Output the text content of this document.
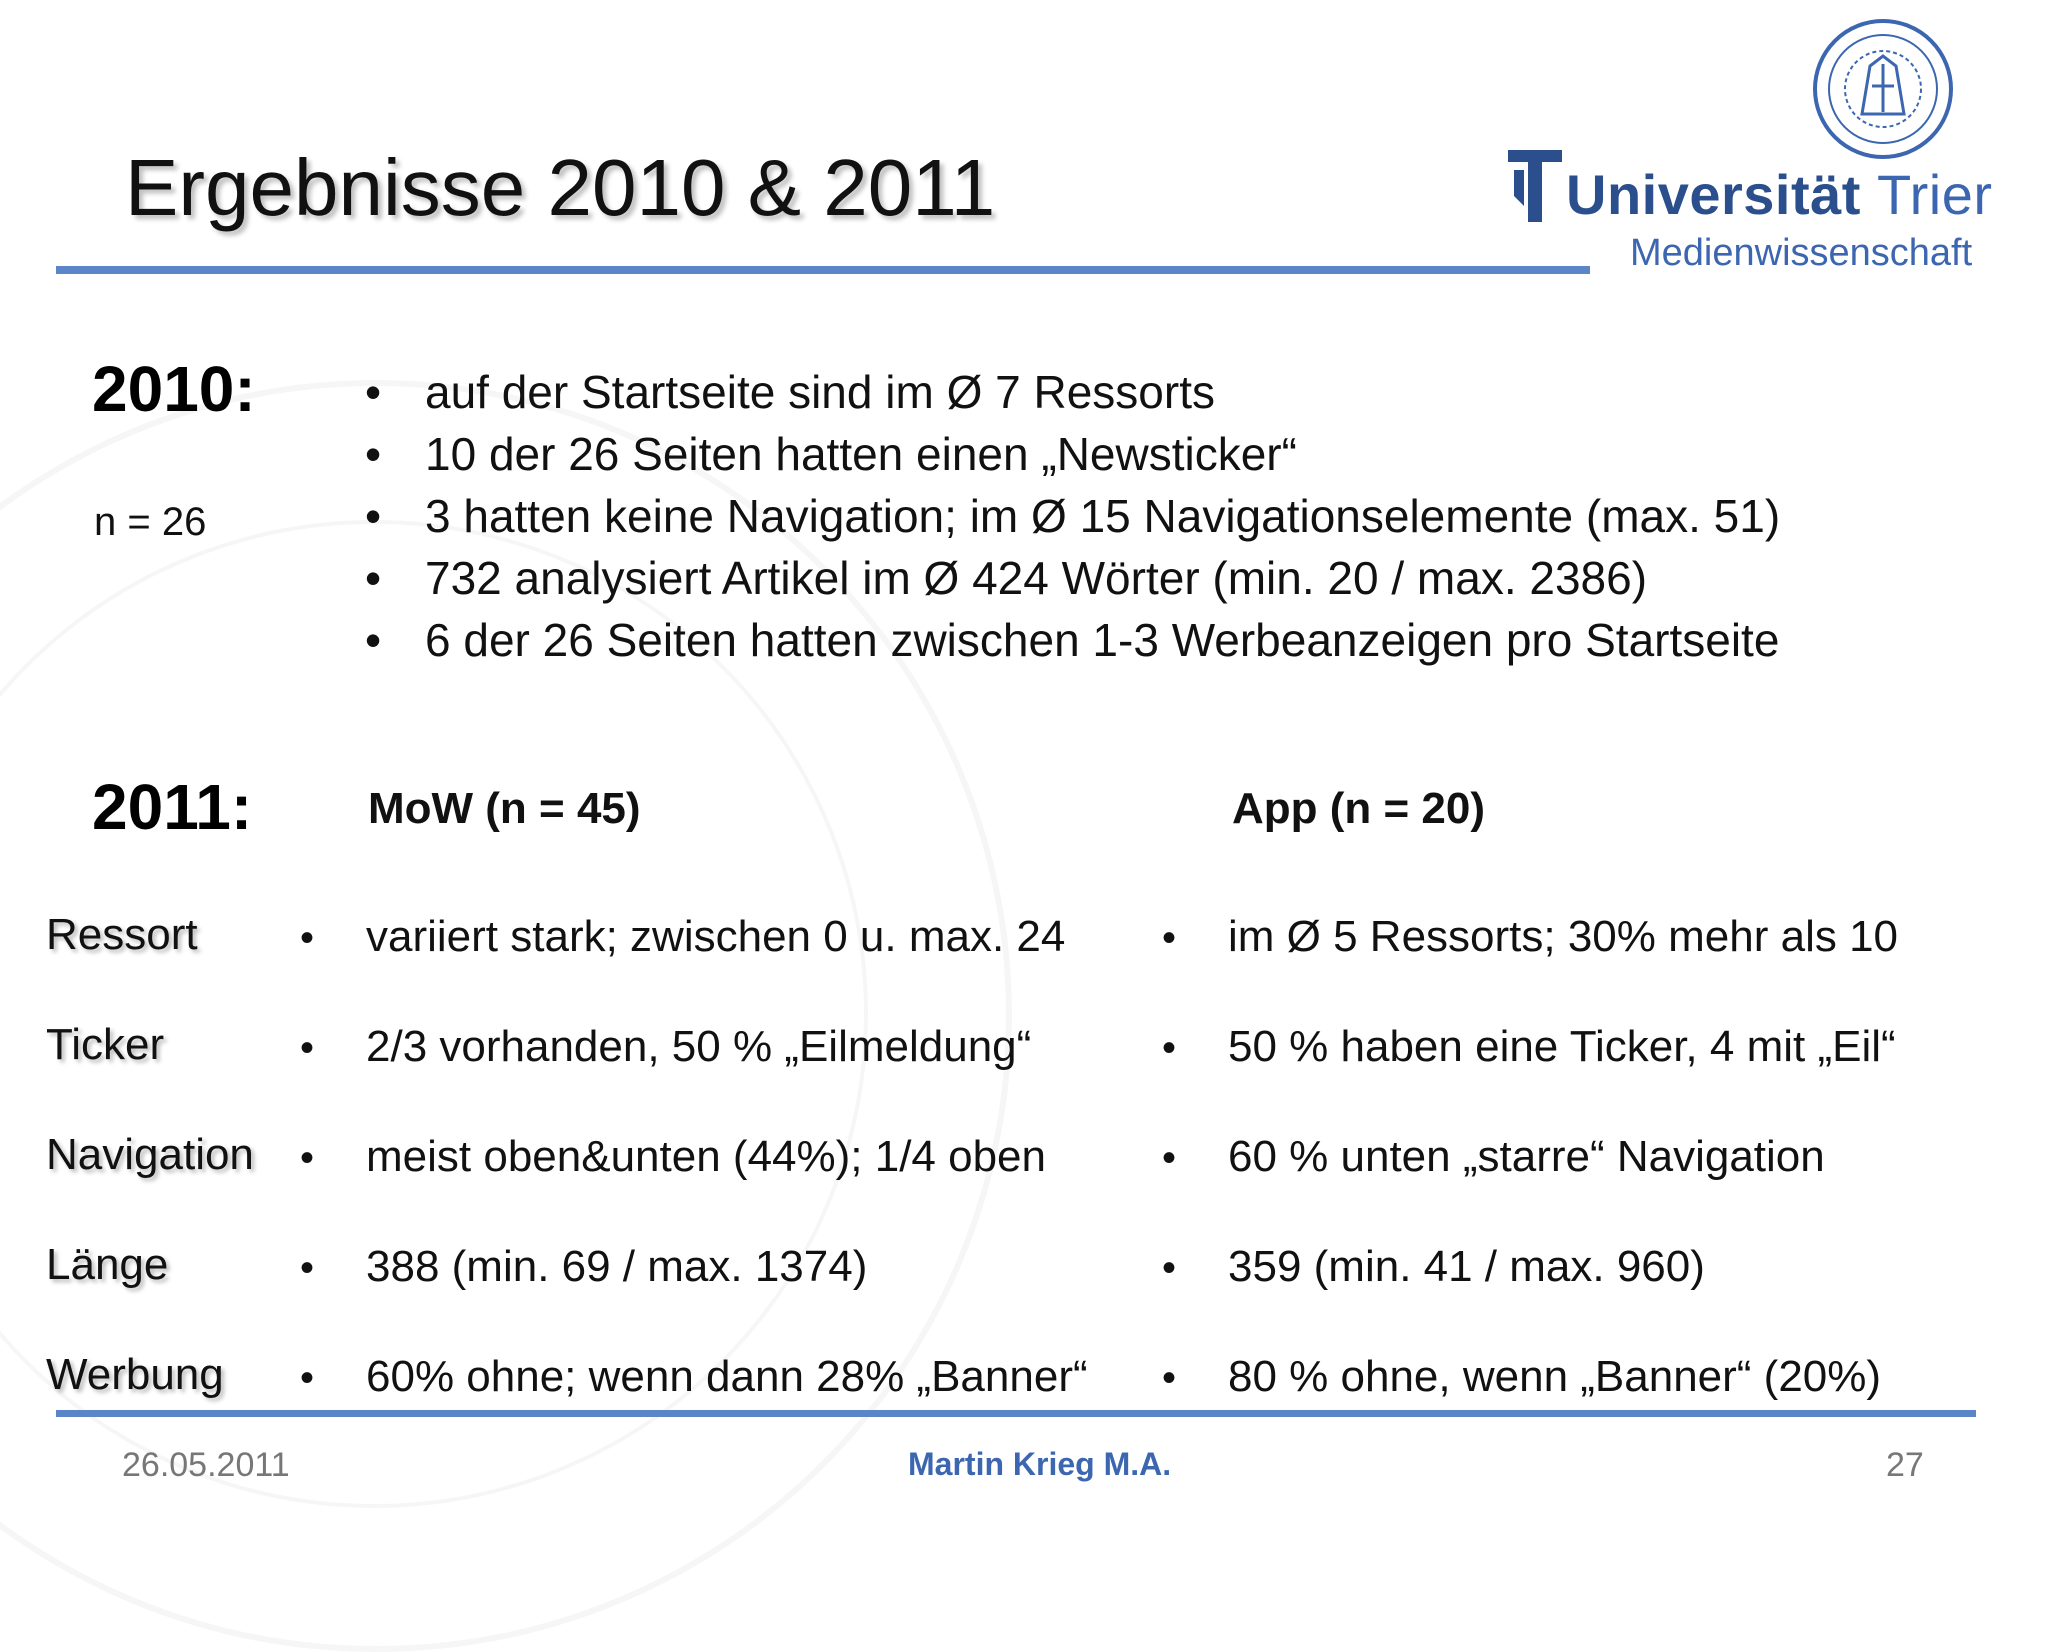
Ergebnisse 2010 & 2011	Universität Trier
Medienwissenschaft
2010:
n = 26
• auf der Startseite sind im Ø 7 Ressorts
• 10 der 26 Seiten hatten einen „Newsticker“
• 3 hatten keine Navigation; im Ø 15 Navigationselemente (max. 51)
• 732 analysiert Artikel im Ø 424 Wörter (min. 20 / max. 2386)
• 6 der 26 Seiten hatten zwischen 1-3 Werbeanzeigen pro Startseite
2011:	MoW (n = 45)	App (n = 20)
Ressort	• variiert stark; zwischen 0 u. max. 24 • im Ø 5 Ressorts; 30% mehr als 10
Ticker	• 2/3 vorhanden, 50 % „Eilmeldung“	• 50 % haben eine Ticker, 4 mit „Eil“
Navigation • meist oben&unten (44%); 1/4 oben	• 60 % unten „starre“ Navigation
Länge	• 388 (min. 69 / max. 1374)	• 359 (min. 41 / max. 960)
Werbung • 60% ohne; wenn dann 28% „Banner“ • 80 % ohne, wenn „Banner“ (20%)
26.05.2011	Martin Krieg M.A.	27
